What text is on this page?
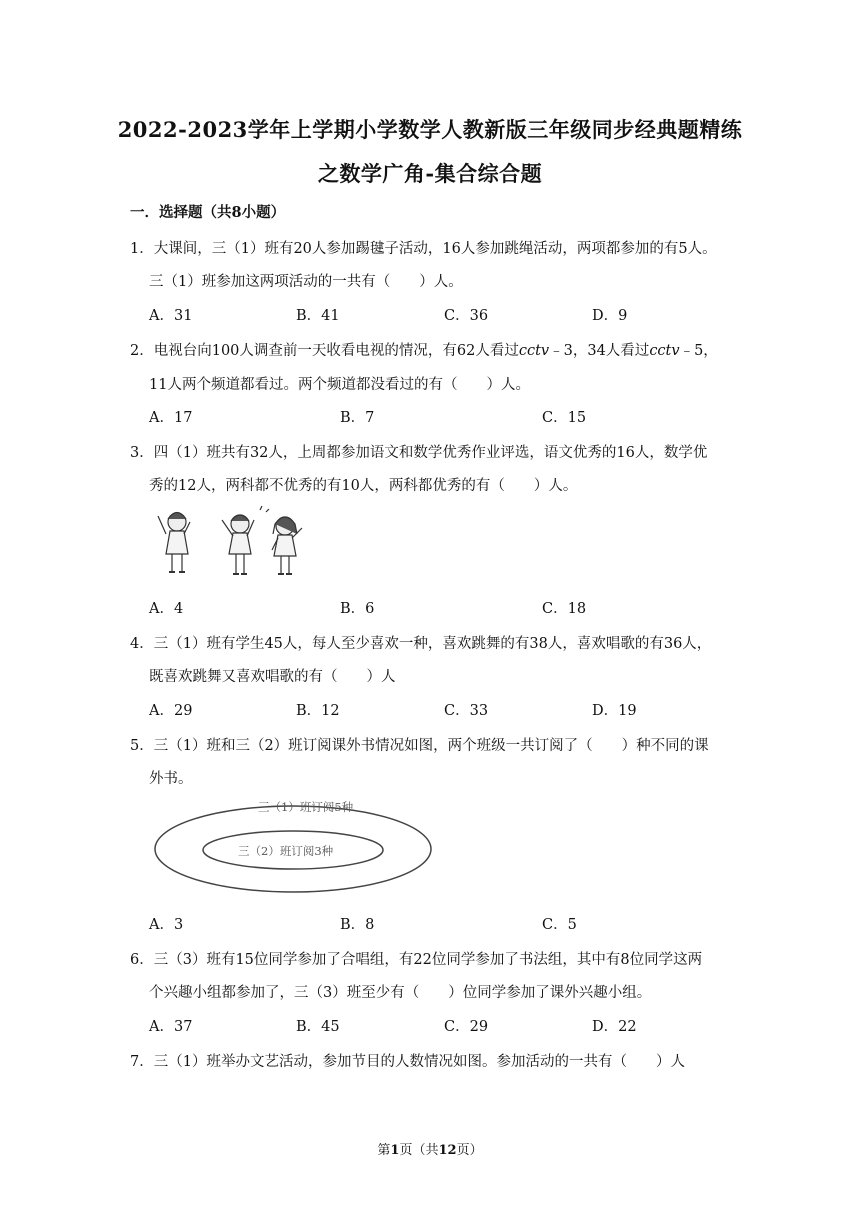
2022-2023学年上学期小学数学人教新版三年级同步经典题精练
之数学广角-集合综合题
一．选择题（共8小题）
1．大课间，三（1）班有20人参加踢毽子活动，16人参加跳绳活动，两项都参加的有5人。
三（1）班参加这两项活动的一共有（　　）人。
A．31	B．41	C．36	D．9
2．电视台向100人调查前一天收看电视的情况，有62人看过cctv﹣3，34人看过cctv﹣5，
11人两个频道都看过。两个频道都没看过的有（　　）人。
A．17	B．7	C．15
3．四（1）班共有32人，上周都参加语文和数学优秀作业评选，语文优秀的16人，数学优
秀的12人，两科都不优秀的有10人，两科都优秀的有（　　）人。
A．4	B．6	C．18
4．三（1）班有学生45人，每人至少喜欢一种，喜欢跳舞的有38人，喜欢唱歌的有36人，
既喜欢跳舞又喜欢唱歌的有（　　）人
A．29	B．12	C．33	D．19
5．三（1）班和三（2）班订阅课外书情况如图，两个班级一共订阅了（　　）种不同的课
外书。
三（1）班订阅5种
三（2）班订阅3种
A．3	B．8	C．5
6．三（3）班有15位同学参加了合唱组，有22位同学参加了书法组，其中有8位同学这两
个兴趣小组都参加了，三（3）班至少有（　　）位同学参加了课外兴趣小组。
A．37	B．45	C．29	D．22
7．三（1）班举办文艺活动，参加节目的人数情况如图。参加活动的一共有（　　）人
第1页（共12页）
